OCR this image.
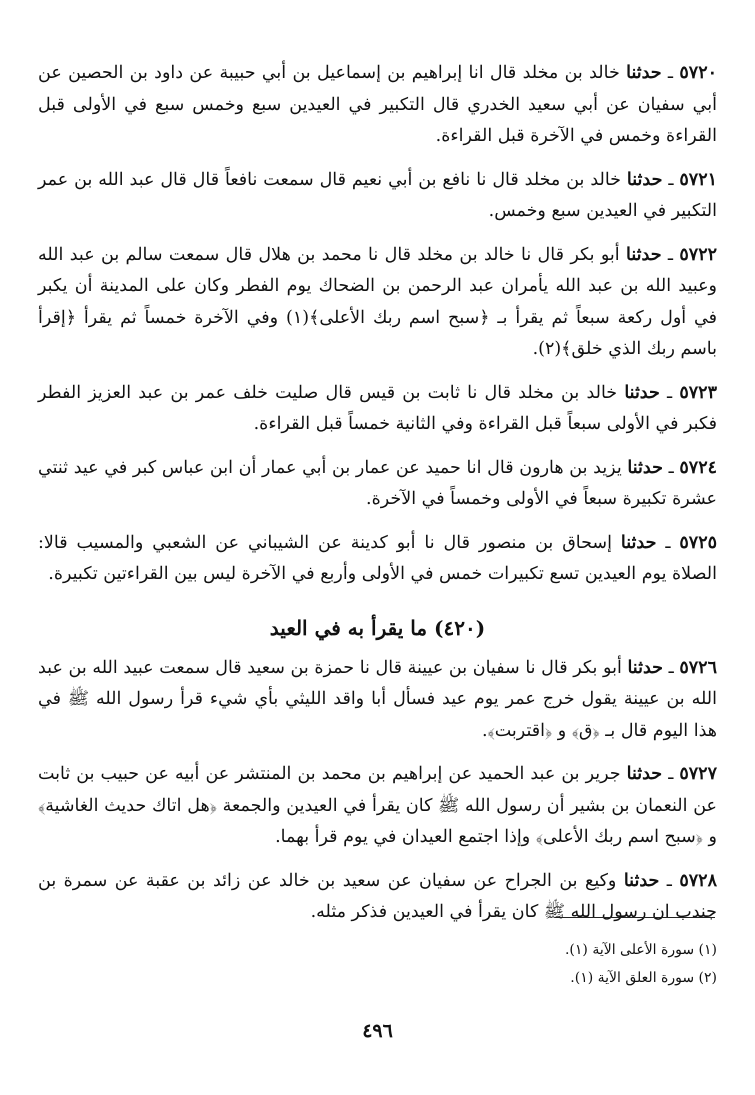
٥٧٢٠ ـ حدثنا خالد بن مخلد قال انا إبراهيم بن إسماعيل بن أبي حبيبة عن داود بن الحصين عن أبي سفيان عن أبي سعيد الخدري قال التكبير في العيدين سبع وخمس سبع في الأولى قبل القراءة وخمس في الآخرة قبل القراءة.

٥٧٢١ ـ حدثنا خالد بن مخلد قال نا نافع بن أبي نعيم قال سمعت نافعاً قال قال عبد الله بن عمر التكبير في العيدين سبع وخمس.

٥٧٢٢ ـ حدثنا أبو بكر قال نا خالد بن مخلد قال نا محمد بن هلال قال سمعت سالم بن عبد الله وعبيد الله بن عبد الله يأمران عبد الرحمن بن الضحاك يوم الفطر وكان على المدينة أن يكبر في أول ركعة سبعاً ثم يقرأ بـ ﴿سبح اسم ربك الأعلى﴾(١) وفي الآخرة خمساً ثم يقرأ ﴿إقرأ باسم ربك الذي خلق﴾(٢).

٥٧٢٣ ـ حدثنا خالد بن مخلد قال نا ثابت بن قيس قال صليت خلف عمر بن عبد العزيز الفطر فكبر في الأولى سبعاً قبل القراءة وفي الثانية خمساً قبل القراءة.

٥٧٢٤ ـ حدثنا يزيد بن هارون قال انا حميد عن عمار بن أبي عمار أن ابن عباس كبر في عيد ثنتي عشرة تكبيرة سبعاً في الأولى وخمساً في الآخرة.

٥٧٢٥ ـ حدثنا إسحاق بن منصور قال نا أبو كدينة عن الشيباني عن الشعبي والمسيب قالا: الصلاة يوم العيدين تسع تكبيرات خمس في الأولى وأربع في الآخرة ليس بين القراءتين تكبيرة.

(٤٢٠) ما يقرأ به في العيد

٥٧٢٦ ـ حدثنا أبو بكر قال نا سفيان بن عيينة قال نا حمزة بن سعيد قال سمعت عبيد الله بن عبد الله بن عيينة يقول خرج عمر يوم عيد فسأل أبا واقد الليثي بأي شيء قرأ رسول الله ﷺ في هذا اليوم قال بـ ﴿ق﴾ و ﴿اقتربت﴾.

٥٧٢٧ ـ حدثنا جرير بن عبد الحميد عن إبراهيم بن محمد بن المنتشر عن أبيه عن حبيب بن ثابت عن النعمان بن بشير أن رسول الله ﷺ كان يقرأ في العيدين والجمعة ﴿هل اتاك حديث الغاشية﴾ و ﴿سبح اسم ربك الأعلى﴾ وإذا اجتمع العيدان في يوم قرأ بهما.

٥٧٢٨ ـ حدثنا وكيع بن الجراح عن سفيان عن سعيد بن خالد عن زائد بن عقبة عن سمرة بن جندب ان رسول الله ﷺ كان يقرأ في العيدين فذكر مثله.

(١) سورة الأعلى الآية (١).
(٢) سورة العلق الآية (١).
٤٩٦
